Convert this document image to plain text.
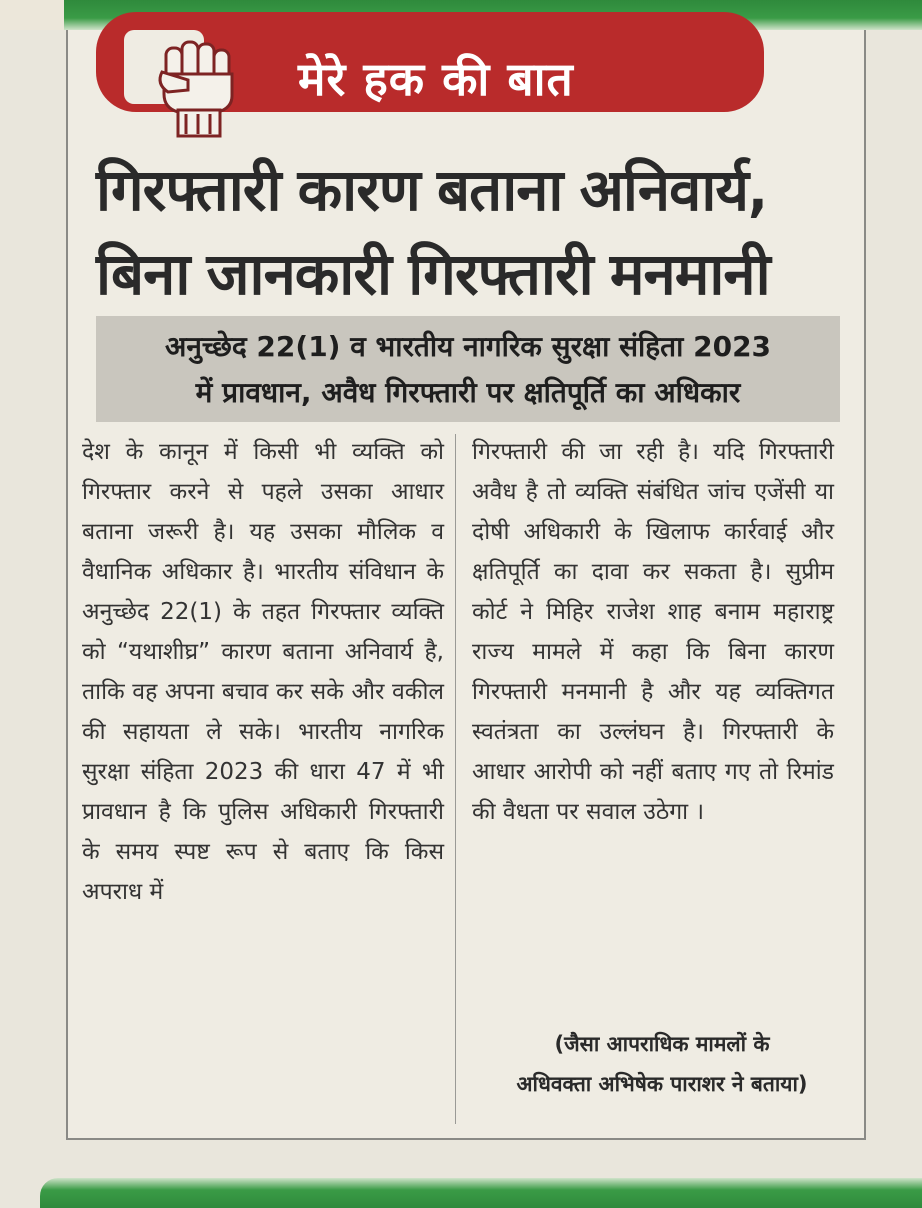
मेरे हक की बात
गिरफ्तारी कारण बताना अनिवार्य,
बिना जानकारी गिरफ्तारी मनमानी
अनुच्छेद 22(1) व भारतीय नागरिक सुरक्षा संहिता 2023
में प्रावधान, अवैध गिरफ्तारी पर क्षतिपूर्ति का अधिकार

देश के कानून में किसी भी व्यक्ति को गिरफ्तार करने से पहले उसका आधार बताना जरूरी है। यह उसका मौलिक व वैधानिक अधिकार है। भारतीय संविधान के अनुच्छेद 22(1) के तहत गिरफ्तार व्यक्ति को “यथाशीघ्र” कारण बताना अनिवार्य है, ताकि वह अपना बचाव कर सके और वकील की सहायता ले सके। भारतीय नागरिक सुरक्षा संहिता 2023 की धारा 47 में भी प्रावधान है कि पुलिस अधिकारी गिरफ्तारी के समय स्पष्ट रूप से बताए कि किस अपराध में

गिरफ्तारी की जा रही है। यदि गिरफ्तारी अवैध है तो व्यक्ति संबंधित जांच एजेंसी या दोषी अधिकारी के खिलाफ कार्रवाई और क्षतिपूर्ति का दावा कर सकता है। सुप्रीम कोर्ट ने मिहिर राजेश शाह बनाम महाराष्ट्र राज्य मामले में कहा कि बिना कारण गिरफ्तारी मनमानी है और यह व्यक्तिगत स्वतंत्रता का उल्लंघन है। गिरफ्तारी के आधार आरोपी को नहीं बताए गए तो रिमांड की वैधता पर सवाल उठेगा ।

(जैसा आपराधिक मामलों के
अधिवक्ता अभिषेक पाराशर ने बताया)
